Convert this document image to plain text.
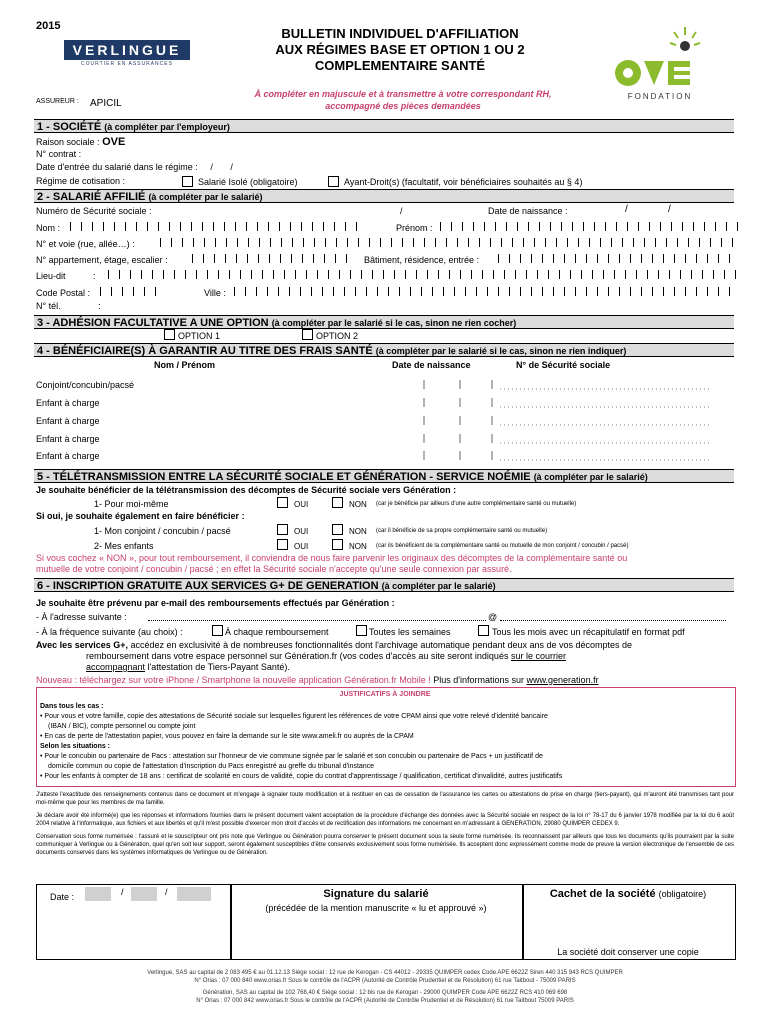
2015
VERLINGUE
COURTIER EN ASSURANCES
BULLETIN INDIVIDUEL D'AFFILIATION
AUX RÉGIMES BASE ET OPTION 1 OU 2
COMPLEMENTAIRE SANTÉ
FONDATION
À compléter en majuscule et à transmettre à votre correspondant RH,
accompagné des pièces demandées
ASSUREUR : APICIL
1 - SOCIÉTÉ (à compléter par l'employeur)
Raison sociale : OVE
N° contrat :
Date d'entrée du salarié dans le régime :     /       /
Régime de cotisation :	Salarié Isolé (obligatoire)	Ayant-Droit(s) (facultatif, voir bénéficiaires souhaités au § 4)
2 - SALARIÉ AFFILIÉ (à compléter par le salarié)
Numéro de Sécurité sociale :	/	Date de naissance :	/	/
Nom :	Prénom :
N° et voie (rue, allée…) :
N° appartement, étage, escalier :	Bâtiment, résidence, entrée :
Lieu-dit           :
Code Postal :	Ville :
N° tél.               :
3 - ADHÉSION FACULTATIVE A UNE OPTION (à compléter par le salarié si le cas, sinon ne rien cocher)
OPTION 1	OPTION 2
4 - BÉNÉFICIAIRE(S) À GARANTIR AU TITRE DES FRAIS SANTÉ (à compléter par le salarié si le cas, sinon ne rien indiquer)
Nom / Prénom	Date de naissance	N° de Sécurité sociale
Conjoint/concubin/pacsé
Enfant à charge
Enfant à charge
Enfant à charge
Enfant à charge
5 - TÉLÉTRANSMISSION ENTRE LA SÉCURITÉ SOCIALE ET GÉNÉRATION - SERVICE NOÉMIE (à compléter par le salarié)
Je souhaite bénéficier de la télétransmission des décomptes de Sécurité sociale vers Génération :
1- Pour moi-même	OUI	NON (car je bénéficie par ailleurs d'une autre complémentaire santé ou mutuelle)
Si oui, je souhaite également en faire bénéficier :
1- Mon conjoint / concubin / pacsé	OUI	NON (car il bénéficie de sa propre complémentaire santé ou mutuelle)
2- Mes enfants	OUI	NON (car ils bénéficient de la complémentaire santé ou mutuelle de mon conjoint / concubin / pacsé)
Si vous cochez « NON », pour tout remboursement, il conviendra de nous faire parvenir les originaux des décomptes de la complémentaire santé ou
mutuelle de votre conjoint / concubin / pacsé ; en effet la Sécurité sociale n'accepte qu'une seule connexion par assuré.
6 - INSCRIPTION GRATUITE AUX SERVICES G+ DE GENERATION (à compléter par le salarié)
Je souhaite être prévenu par e-mail des remboursements effectués par Génération :
- À l'adresse suivante :	@
- À la fréquence suivante (au choix) :	À chaque remboursement	Toutes les semaines	Tous les mois avec un récapitulatif en format pdf
Avec les services G+, accédez en exclusivité à de nombreuses fonctionnalités dont l'archivage automatique pendant deux ans de vos décomptes de
remboursement dans votre espace personnel sur Génération.fr (vos codes d'accès au site seront indiqués sur le courrier
accompagnant l'attestation de Tiers-Payant Santé).
Nouveau : téléchargez sur votre iPhone / Smartphone la nouvelle application Génération.fr Mobile ! Plus d'informations sur www.generation.fr
JUSTIFICATIFS À JOINDRE
Dans tous les cas :
• Pour vous et votre famille, copie des attestations de Sécurité sociale sur lesquelles figurent les références de votre CPAM ainsi que votre relevé d'identité bancaire
(IBAN / BIC), compte personnel ou compte joint
• En cas de perte de l'attestation papier, vous pouvez en faire la demande sur le site www.ameli.fr ou auprès de la CPAM
Selon les situations :
• Pour le concubin ou partenaire de Pacs : attestation sur l'honneur de vie commune signée par le salarié et son concubin ou partenaire de Pacs + un justificatif de
domicile commun ou copie de l'attestation d'inscription du Pacs enregistré au greffe du tribunal d'instance
• Pour les enfants à compter de 18 ans : certificat de scolarité en cours de validité, copie du contrat d'apprentissage / qualification, certificat d'invalidité, autres justificatifs
J'atteste l'exactitude des renseignements contenus dans ce document et m'engage à signaler toute modification et à restituer en cas de cessation de l'assurance les cartes ou attestations de prise en charge (tiers-payant), qui m'auront été transmises tant pour moi-même que pour les membres de ma famille.
Je déclare avoir été informé(e) que les réponses et informations fournies dans le présent document valent acceptation de la procédure d'échange des données avec la Sécurité sociale en respect de la loi n° 78-17 du 6 janvier 1978 modifiée par la loi du 6 août 2004 relative à l'informatique, aux fichiers et aux libertés et qu'il m'est possible d'exercer mon droit d'accès et de rectification des informations me concernant en m'adressant à GENERATION, 29080 QUIMPER CEDEX 9.
Conservation sous forme numérisée : l'assuré et le souscripteur ont pris note que Verlingue ou Génération pourra conserver le présent document sous la seule forme numérisée. Ils reconnaissent par ailleurs que tous les documents qu'ils pourraient par la suite communiquer à Verlingue ou à Génération, quel qu'en soit leur support, seront également susceptibles d'être conservés exclusivement sous forme numérisée. Ils acceptent donc expressément comme mode de preuve la version électronique de l'ensemble de ces documents conservés dans les systèmes informatiques de Verlingue ou de Génération.
Date :	/	/	Signature du salarié
(précédée de la mention manuscrite « lu et approuvé »)
Cachet de la société (obligatoire)
La société doit conserver une copie
Verlingue, SAS au capital de 2 083 495 € au 01.12.13 Siège social : 12 rue de Kerogan - CS 44012 - 29335 QUIMPER cedex Code APE 6622Z Siren 440 315 943 RCS QUIMPER
N° Orias : 07 000 840 www.orias.fr Sous le contrôle de l'ACPR (Autorité de Contrôle Prudentiel et de Résolution) 61 rue Taitbout - 75009 PARIS
Génération, SAS au capital de 102 768,40 € Siège social : 12 bis rue de Kerogan - 29000 QUIMPER Code APE 6622Z RCS 410 069 698
N° Orias : 07 000 842 www.orias.fr Sous le contrôle de l'ACPR (Autorité de Contrôle Prudentiel et de Résolution) 61 rue Taitbout 75009 PARIS
